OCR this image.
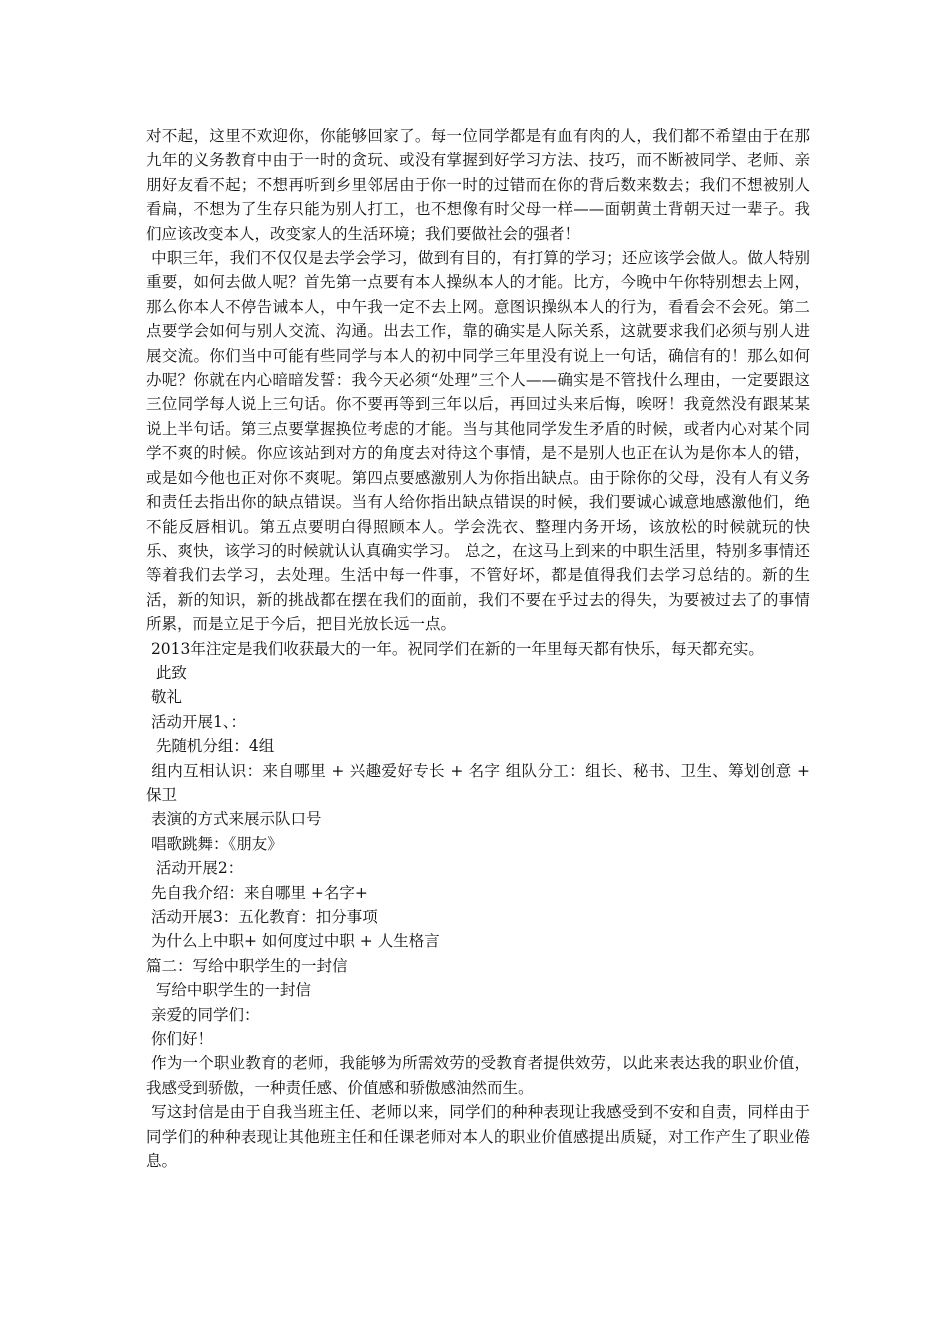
对不起，这里不欢迎你，你能够回家了。每一位同学都是有血有肉的人，我们都不希望由于在那九年的义务教育中由于一时的贪玩、或没有掌握到好学习方法、技巧，而不断被同学、老师、亲朋好友看不起；不想再听到乡里邻居由于你一时的过错而在你的背后数来数去；我们不想被别人看扁，不想为了生存只能为别人打工，也不想像有时父母一样——面朝黄土背朝天过一辈子。我们应该改变本人，改变家人的生活环境；我们要做社会的强者！

中职三年，我们不仅仅是去学会学习，做到有目的，有打算的学习；还应该学会做人。做人特别重要，如何去做人呢？首先第一点要有本人操纵本人的才能。比方，今晚中午你特别想去上网，那么你本人不停告诫本人，中午我一定不去上网。意图识操纵本人的行为，看看会不会死。第二点要学会如何与别人交流、沟通。出去工作，靠的确实是人际关系，这就要求我们必须与别人进展交流。你们当中可能有些同学与本人的初中同学三年里没有说上一句话，确信有的！那么如何办呢？你就在内心暗暗发誓：我今天必须“处理”三个人——确实是不管找什么理由，一定要跟这三位同学每人说上三句话。你不要再等到三年以后，再回过头来后悔，唉呀！我竟然没有跟某某说上半句话。第三点要掌握换位考虑的才能。当与其他同学发生矛盾的时候，或者内心对某个同学不爽的时候。你应该站到对方的角度去对待这个事情，是不是别人也正在认为是你本人的错，或是如今他也正对你不爽呢。第四点要感激别人为你指出缺点。由于除你的父母，没有人有义务和责任去指出你的缺点错误。当有人给你指出缺点错误的时候，我们要诚心诚意地感激他们，绝不能反唇相讥。第五点要明白得照顾本人。学会洗衣、整理内务开场，该放松的时候就玩的快乐、爽快，该学习的时候就认认真确实学习。 总之，在这马上到来的中职生活里，特别多事情还等着我们去学习，去处理。生活中每一件事，不管好坏，都是值得我们去学习总结的。新的生活，新的知识，新的挑战都在摆在我们的面前，我们不要在乎过去的得失，为要被过去了的事情所累，而是立足于今后，把目光放长远一点。

2013年注定是我们收获最大的一年。祝同学们在新的一年里每天都有快乐，每天都充实。

此致

敬礼

活动开展1、：

先随机分组：4组

组内互相认识：来自哪里 + 兴趣爱好专长 + 名字 组队分工：组长、秘书、卫生、筹划创意 + 保卫

表演的方式来展示队口号

唱歌跳舞：《朋友》

活动开展2：

先自我介绍：来自哪里 +名字+

活动开展3：五化教育：扣分事项

为什么上中职+ 如何度过中职 + 人生格言

篇二：写给中职学生的一封信

写给中职学生的一封信

亲爱的同学们：

你们好！

作为一个职业教育的老师，我能够为所需效劳的受教育者提供效劳，以此来表达我的职业价值，我感受到骄傲，一种责任感、价值感和骄傲感油然而生。

写这封信是由于自我当班主任、老师以来，同学们的种种表现让我感受到不安和自责，同样由于同学们的种种表现让其他班主任和任课老师对本人的职业价值感提出质疑，对工作产生了职业倦息。
